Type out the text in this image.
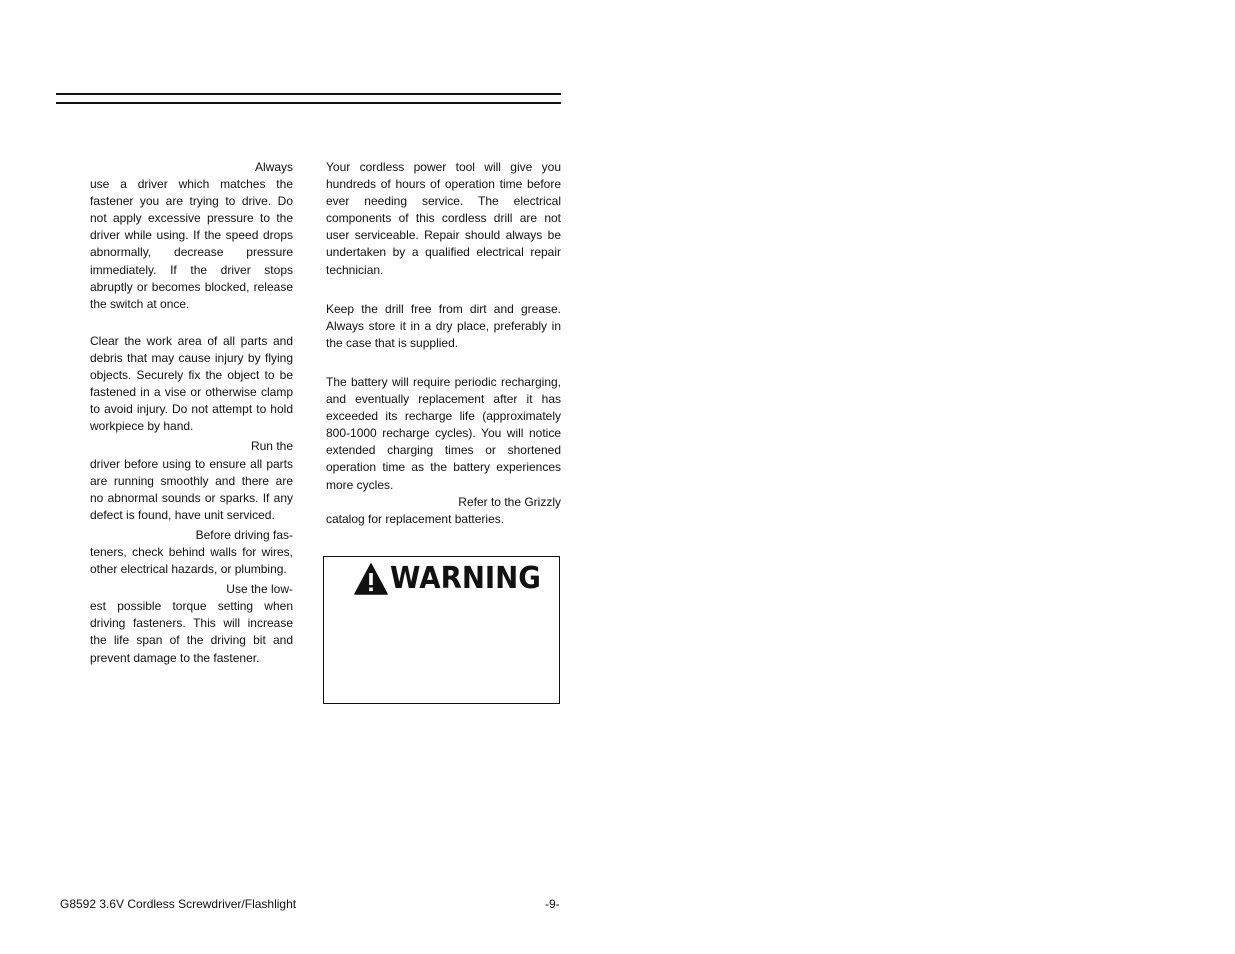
Always
use a driver which matches the fastener you are trying to drive. Do not apply excessive pressure to the driver while using. If the speed drops abnormally, decrease pressure immediately. If the driver stops abruptly or becomes blocked, release the switch at once.

Clear the work area of all parts and debris that may cause injury by flying objects. Securely fix the object to be fastened in a vise or otherwise clamp to avoid injury. Do not attempt to hold workpiece by hand.

Run the
driver before using to ensure all parts are running smoothly and there are no abnormal sounds or sparks. If any defect is found, have unit serviced.

Before driving fas-
teners, check behind walls for wires, other electrical hazards, or plumbing.

Use the low-
est possible torque setting when driving fasteners. This will increase the life span of the driving bit and prevent damage to the fastener.

Your cordless power tool will give you hundreds of hours of operation time before ever needing service. The electrical components of this cordless drill are not user serviceable. Repair should always be undertaken by a qualified electrical repair technician.

Keep the drill free from dirt and grease. Always store it in a dry place, preferably in the case that is supplied.

The battery will require periodic recharging, and eventually replacement after it has exceeded its recharge life (approximately 800-1000 recharge cycles). You will notice extended charging times or shortened operation time as the battery experiences more cycles.

Refer to the Grizzly
catalog for replacement batteries.

WARNING
G8592 3.6V Cordless Screwdriver/Flashlight	-9-
